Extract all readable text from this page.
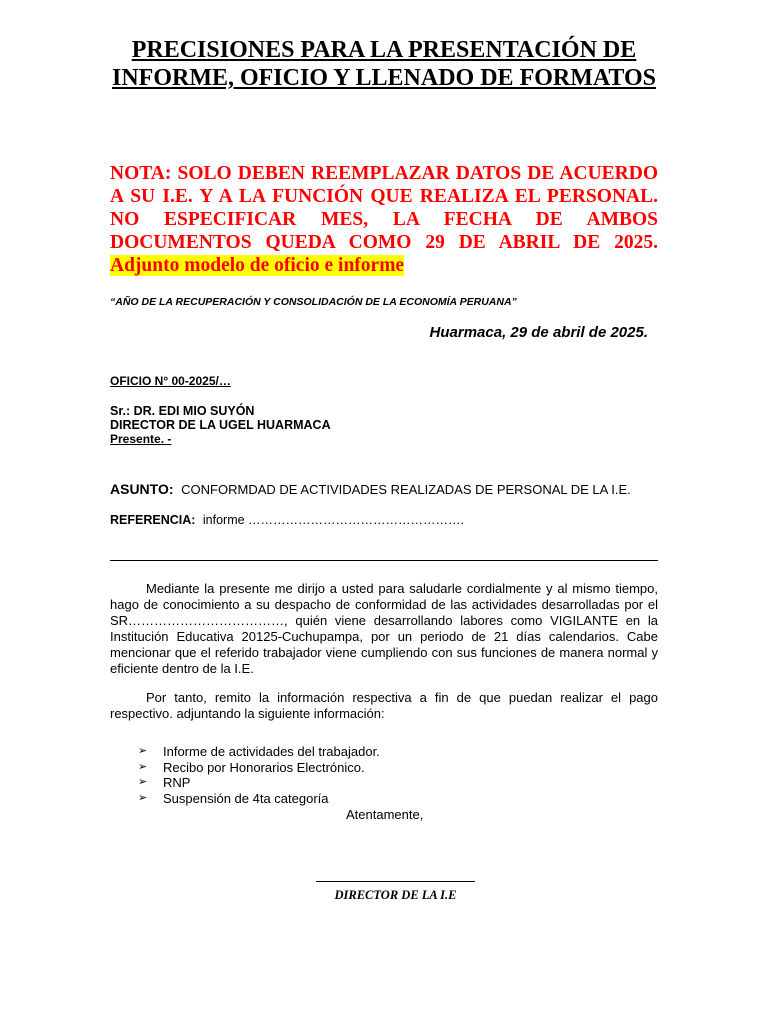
PRECISIONES PARA LA PRESENTACIÓN DE INFORME, OFICIO Y LLENADO DE FORMATOS
NOTA: SOLO DEBEN REEMPLAZAR DATOS DE ACUERDO A SU I.E. Y A LA FUNCIÓN QUE REALIZA EL PERSONAL. NO ESPECIFICAR MES, LA FECHA DE AMBOS DOCUMENTOS QUEDA COMO 29 DE ABRIL DE 2025. Adjunto modelo de oficio e informe
“AÑO DE LA RECUPERACIÓN Y CONSOLIDACIÓN DE LA ECONOMÍA PERUANA”
Huarmaca, 29 de abril de 2025.
OFICIO N° 00-2025/…
Sr.: DR. EDI MIO SUYÓN
DIRECTOR DE LA UGEL HUARMACA
Presente. -
ASUNTO: CONFORMDAD DE ACTIVIDADES REALIZADAS DE PERSONAL DE LA I.E.
REFERENCIA: informe …………………………………………….
Mediante la presente me dirijo a usted para saludarle cordialmente y al mismo tiempo, hago de conocimiento a su despacho de conformidad de las actividades desarrolladas por el SR………………………………, quién viene desarrollando labores como VIGILANTE en la Institución Educativa 20125-Cuchupampa, por un periodo de 21 días calendarios. Cabe mencionar que el referido trabajador viene cumpliendo con sus funciones de manera normal y eficiente dentro de la I.E.
Por tanto, remito la información respectiva a fin de que puedan realizar el pago respectivo. adjuntando la siguiente información:
➢ Informe de actividades del trabajador.
➢ Recibo por Honorarios Electrónico.
➢ RNP
➢ Suspensión de 4ta categoría
Atentamente,
DIRECTOR DE LA I.E
